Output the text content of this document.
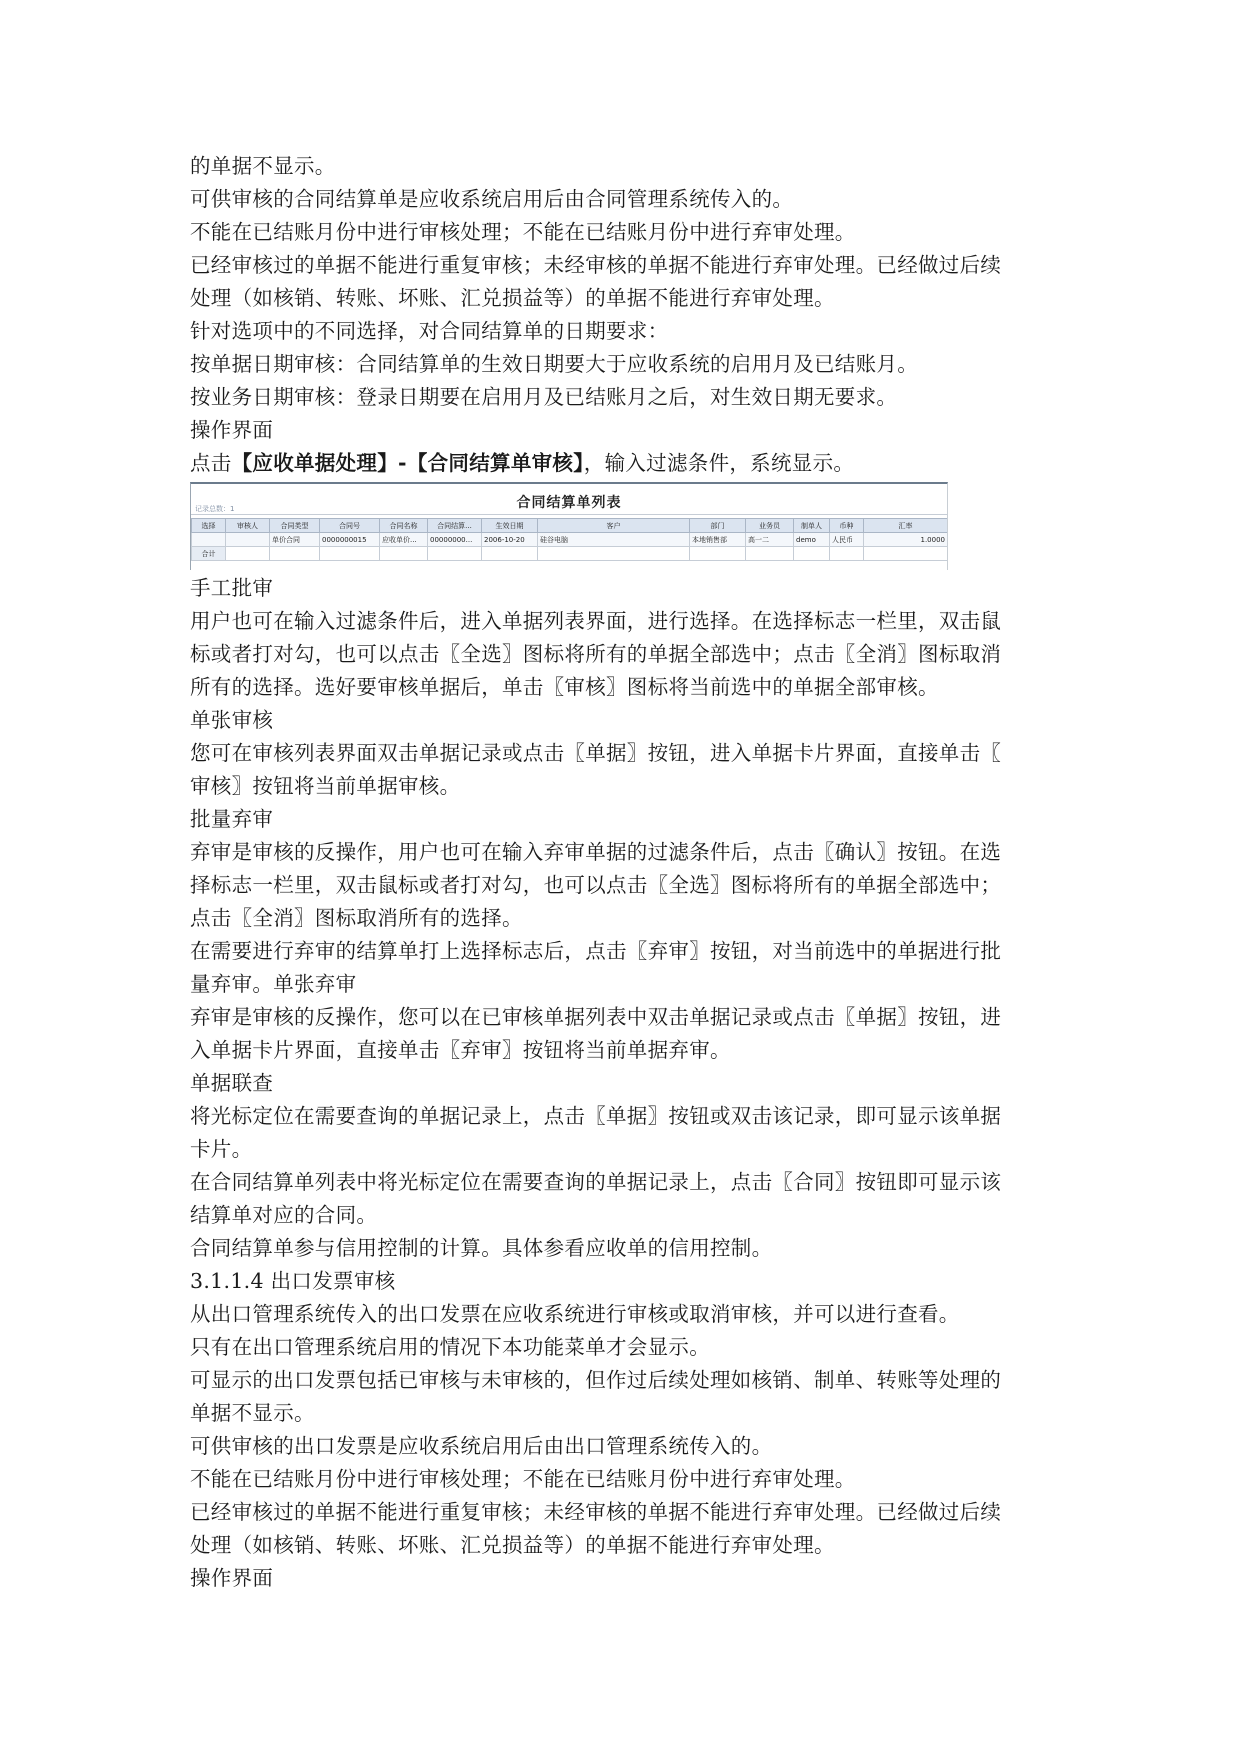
的单据不显示。
可供审核的合同结算单是应收系统启用后由合同管理系统传入的。
不能在已结账月份中进行审核处理；不能在已结账月份中进行弃审处理。
已经审核过的单据不能进行重复审核；未经审核的单据不能进行弃审处理。已经做过后续
处理（如核销、转账、坏账、汇兑损益等）的单据不能进行弃审处理。
针对选项中的不同选择，对合同结算单的日期要求：
按单据日期审核：合同结算单的生效日期要大于应收系统的启用月及已结账月。
按业务日期审核：登录日期要在启用月及已结账月之后，对生效日期无要求。
操作界面
点击【应收单据处理】-【合同结算单审核】，输入过滤条件，系统显示。
合同结算单列表
记录总数：1
选择	审核人	合同类型	合同号	合同名称	合同结算...	生效日期	客户	部门	业务员	制单人	币种	汇率
		单价合同	0000000015	应收单价...	00000000...	2006-10-20	硅谷电脑	本地销售部	高一二	demo	人民币	1.0000
合计												
手工批审
用户也可在输入过滤条件后，进入单据列表界面，进行选择。在选择标志一栏里，双击鼠
标或者打对勾，也可以点击〖全选〗图标将所有的单据全部选中；点击〖全消〗图标取消
所有的选择。选好要审核单据后，单击〖审核〗图标将当前选中的单据全部审核。
单张审核
您可在审核列表界面双击单据记录或点击〖单据〗按钮，进入单据卡片界面，直接单击〖
审核〗按钮将当前单据审核。
批量弃审
弃审是审核的反操作，用户也可在输入弃审单据的过滤条件后，点击〖确认〗按钮。在选
择标志一栏里，双击鼠标或者打对勾，也可以点击〖全选〗图标将所有的单据全部选中；
点击〖全消〗图标取消所有的选择。
在需要进行弃审的结算单打上选择标志后，点击〖弃审〗按钮，对当前选中的单据进行批
量弃审。单张弃审
弃审是审核的反操作，您可以在已审核单据列表中双击单据记录或点击〖单据〗按钮，进
入单据卡片界面，直接单击〖弃审〗按钮将当前单据弃审。
单据联查
将光标定位在需要查询的单据记录上，点击〖单据〗按钮或双击该记录，即可显示该单据
卡片。
在合同结算单列表中将光标定位在需要查询的单据记录上，点击〖合同〗按钮即可显示该
结算单对应的合同。
合同结算单参与信用控制的计算。具体参看应收单的信用控制。
3.1.1.4 出口发票审核
从出口管理系统传入的出口发票在应收系统进行审核或取消审核，并可以进行查看。
只有在出口管理系统启用的情况下本功能菜单才会显示。
可显示的出口发票包括已审核与未审核的，但作过后续处理如核销、制单、转账等处理的
单据不显示。
可供审核的出口发票是应收系统启用后由出口管理系统传入的。
不能在已结账月份中进行审核处理；不能在已结账月份中进行弃审处理。
已经审核过的单据不能进行重复审核；未经审核的单据不能进行弃审处理。已经做过后续
处理（如核销、转账、坏账、汇兑损益等）的单据不能进行弃审处理。
操作界面
